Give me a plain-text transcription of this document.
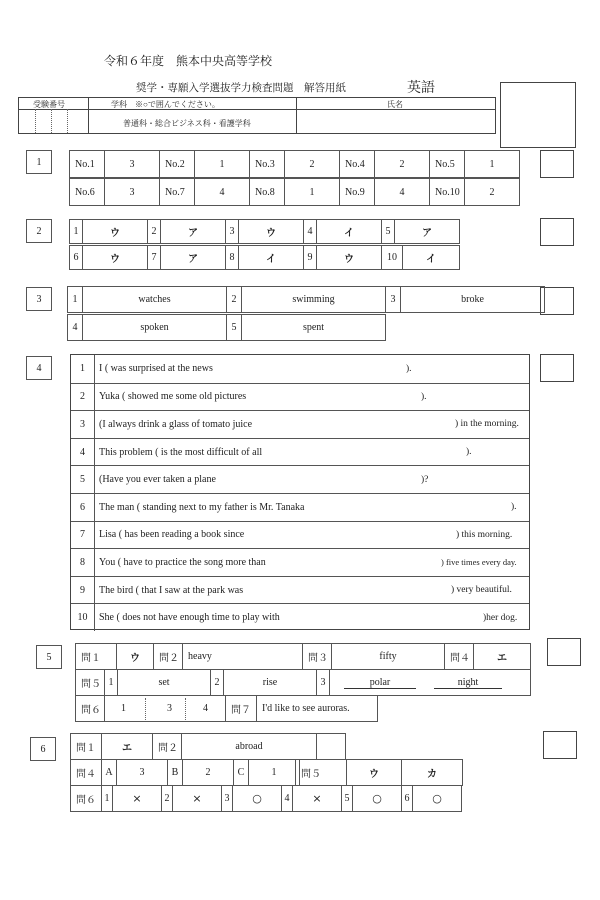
令和６年度　熊本中央高等学校
奨学・専願入学選抜学力検査問題　解答用紙	英語
受験番号	学科　※○で囲んでください。
普通科・総合ビジネス科・看護学科
氏名
1	No.1	3	No.2	1	No.3	2	No.4	2	No.5	1
No.6	3	No.7	4	No.8	1	No.9	4	No.10	2
2	1	ウ	2	ア	3	ウ	4	イ	5	ア
6	ウ	7	ア	8	イ	9	ウ	10	イ
3	1	watches	2	swimming	3	broke
4	spoken	5	spent
4	1	I ( was surprised at the news	).
2	Yuka ( showed me some old pictures	).
3	(I always drink a glass of tomato juice	) in the morning.
4	This problem ( is the most difficult of all	).
5	(Have you ever taken a plane	)?
6	The man ( standing next to my father is Mr. Tanaka	).
7	Lisa ( has been reading a book since	) this morning.
8	You ( have to practice the song more than	) five times every day.
9	The bird ( that I saw at the park was	) very beautiful.
10	She ( does not have enough time to play with	)her dog.
5	問１	ウ	問２ heavy	問３	fifty	問４	エ
問５ 1	set	2	rise	3	polar	night
問６	1	3	4	問７	I'd like to see auroras.
6	問１	エ	問２	abroad
問４ A	3	B	2	C	1	問５	ウ	カ
問６ 1	×	2	×	3	○	4	×	5	○	6	○
